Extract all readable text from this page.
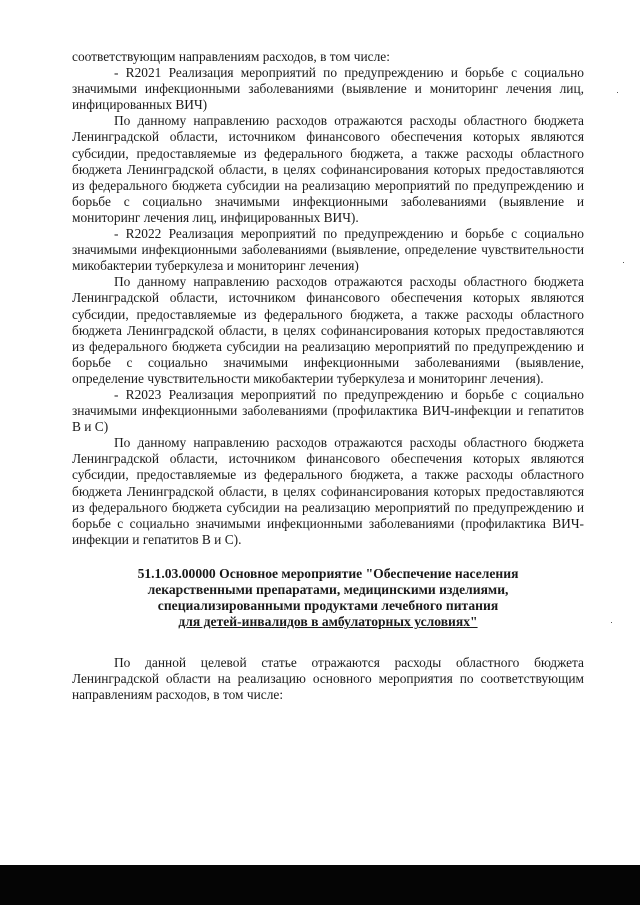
соответствующим направлениям расходов, в том числе:

- R2021 Реализация мероприятий по предупреждению и борьбе с социально значимыми инфекционными заболеваниями (выявление и мониторинг лечения лиц, инфицированных ВИЧ)

По данному направлению расходов отражаются расходы областного бюджета Ленинградской области, источником финансового обеспечения которых являются субсидии, предоставляемые из федерального бюджета, а также расходы областного бюджета Ленинградской области, в целях софинансирования которых предоставляются из федерального бюджета субсидии на реализацию мероприятий по предупреждению и борьбе с социально значимыми инфекционными заболеваниями (выявление и мониторинг лечения лиц, инфицированных ВИЧ).

- R2022 Реализация мероприятий по предупреждению и борьбе с социально значимыми инфекционными заболеваниями (выявление, определение чувствительности микобактерии туберкулеза и мониторинг лечения)

По данному направлению расходов отражаются расходы областного бюджета Ленинградской области, источником финансового обеспечения которых являются субсидии, предоставляемые из федерального бюджета, а также расходы областного бюджета Ленинградской области, в целях софинансирования которых предоставляются из федерального бюджета субсидии на реализацию мероприятий по предупреждению и борьбе с социально значимыми инфекционными заболеваниями (выявление, определение чувствительности микобактерии туберкулеза и мониторинг лечения).

- R2023 Реализация мероприятий по предупреждению и борьбе с социально значимыми инфекционными заболеваниями (профилактика ВИЧ-инфекции и гепатитов В и С)

По данному направлению расходов отражаются расходы областного бюджета Ленинградской области, источником финансового обеспечения которых являются субсидии, предоставляемые из федерального бюджета, а также расходы областного бюджета Ленинградской области, в целях софинансирования которых предоставляются из федерального бюджета субсидии на реализацию мероприятий по предупреждению и борьбе с социально значимыми инфекционными заболеваниями (профилактика ВИЧ-инфекции и гепатитов В и С).

51.1.03.00000 Основное мероприятие "Обеспечение населения
лекарственными препаратами, медицинскими изделиями,
специализированными продуктами лечебного питания
для детей-инвалидов в амбулаторных условиях"

По данной целевой статье отражаются расходы областного бюджета Ленинградской области на реализацию основного мероприятия по соответствующим направлениям расходов, в том числе:
